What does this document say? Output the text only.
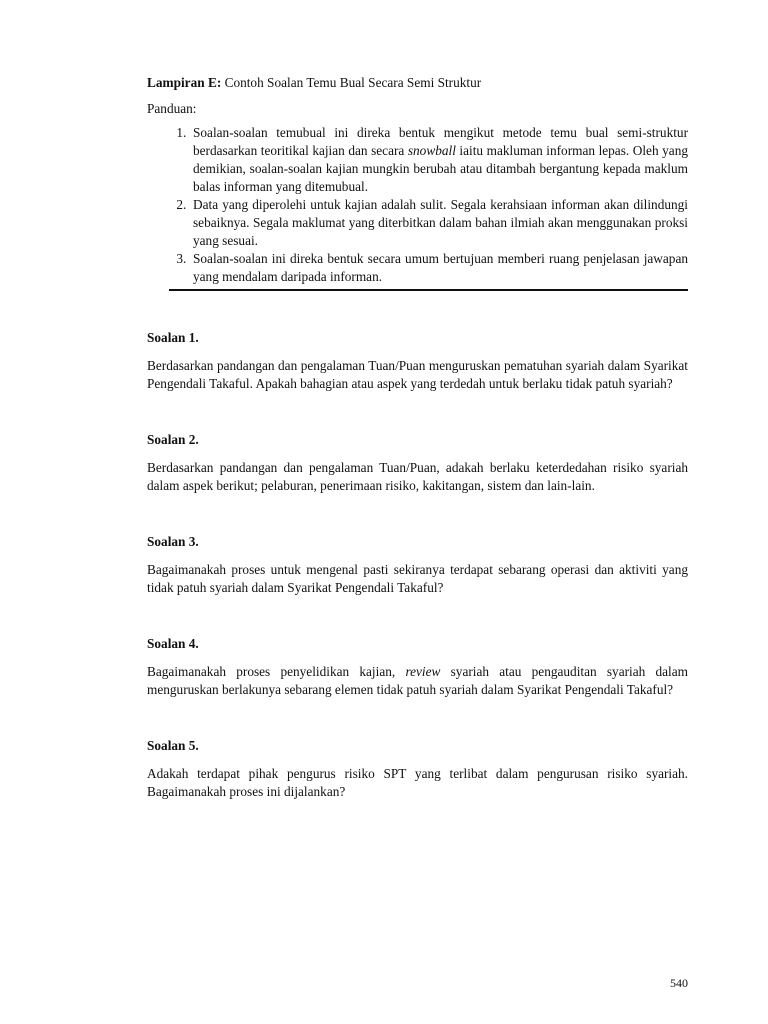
Lampiran E: Contoh Soalan Temu Bual Secara Semi Struktur

Panduan:

1. Soalan-soalan temubual ini direka bentuk mengikut metode temu bual semi-struktur berdasarkan teoritikal kajian dan secara snowball iaitu makluman informan lepas. Oleh yang demikian, soalan-soalan kajian mungkin berubah atau ditambah bergantung kepada maklum balas informan yang ditemubual.
2. Data yang diperolehi untuk kajian adalah sulit. Segala kerahsiaan informan akan dilindungi sebaiknya. Segala maklumat yang diterbitkan dalam bahan ilmiah akan menggunakan proksi yang sesuai.
3. Soalan-soalan ini direka bentuk secara umum bertujuan memberi ruang penjelasan jawapan yang mendalam daripada informan.

Soalan 1.

Berdasarkan pandangan dan pengalaman Tuan/Puan menguruskan pematuhan syariah dalam Syarikat Pengendali Takaful. Apakah bahagian atau aspek yang terdedah untuk berlaku tidak patuh syariah?

Soalan 2.

Berdasarkan pandangan dan pengalaman Tuan/Puan, adakah berlaku keterdedahan risiko syariah dalam aspek berikut; pelaburan, penerimaan risiko, kakitangan, sistem dan lain-lain.

Soalan 3.

Bagaimanakah proses untuk mengenal pasti sekiranya terdapat sebarang operasi dan aktiviti yang tidak patuh syariah dalam Syarikat Pengendali Takaful?

Soalan 4.

Bagaimanakah proses penyelidikan kajian, review syariah atau pengauditan syariah dalam menguruskan berlakunya sebarang elemen tidak patuh syariah dalam Syarikat Pengendali Takaful?

Soalan 5.

Adakah terdapat pihak pengurus risiko SPT yang terlibat dalam pengurusan risiko syariah. Bagaimanakah proses ini dijalankan?

540
